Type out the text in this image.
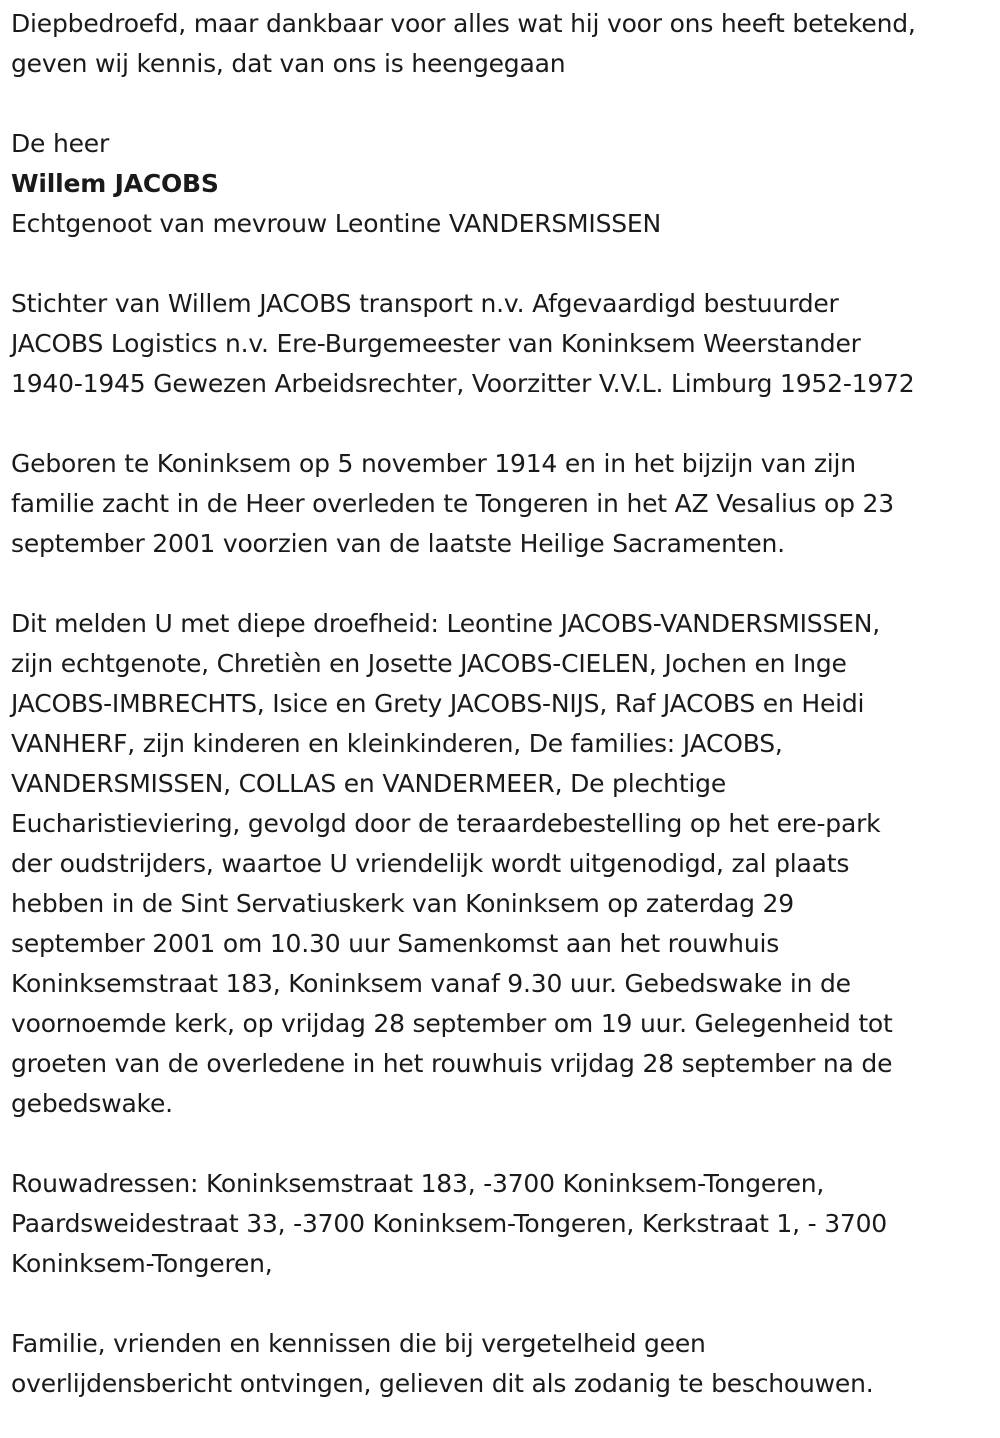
Diepbedroefd, maar dankbaar voor alles wat hij voor ons heeft betekend,
geven wij kennis, dat van ons is heengegaan

De heer

Willem JACOBS

Echtgenoot van mevrouw Leontine VANDERSMISSEN

Stichter van Willem JACOBS transport n.v. Afgevaardigd bestuurder
JACOBS Logistics n.v. Ere-Burgemeester van Koninksem Weerstander
1940-1945 Gewezen Arbeidsrechter, Voorzitter V.V.L. Limburg 1952-1972

Geboren te Koninksem op 5 november 1914 en in het bijzijn van zijn
familie zacht in de Heer overleden te Tongeren in het AZ Vesalius op 23
september 2001 voorzien van de laatste Heilige Sacramenten.

Dit melden U met diepe droefheid: Leontine JACOBS-VANDERSMISSEN,
zijn echtgenote, Chretièn en Josette JACOBS-CIELEN, Jochen en Inge
JACOBS-IMBRECHTS, Isice en Grety JACOBS-NIJS, Raf JACOBS en Heidi
VANHERF, zijn kinderen en kleinkinderen, De families: JACOBS,
VANDERSMISSEN, COLLAS en VANDERMEER, De plechtige
Eucharistieviering, gevolgd door de teraardebestelling op het ere-park
der oudstrijders, waartoe U vriendelijk wordt uitgenodigd, zal plaats
hebben in de Sint Servatiuskerk van Koninksem op zaterdag 29
september 2001 om 10.30 uur Samenkomst aan het rouwhuis
Koninksemstraat 183, Koninksem vanaf 9.30 uur. Gebedswake in de
voornoemde kerk, op vrijdag 28 september om 19 uur. Gelegenheid tot
groeten van de overledene in het rouwhuis vrijdag 28 september na de
gebedswake.

Rouwadressen: Koninksemstraat 183, -3700 Koninksem-Tongeren,
Paardsweidestraat 33, -3700 Koninksem-Tongeren, Kerkstraat 1, - 3700
Koninksem-Tongeren,

Familie, vrienden en kennissen die bij vergetelheid geen
overlijdensbericht ontvingen, gelieven dit als zodanig te beschouwen.
